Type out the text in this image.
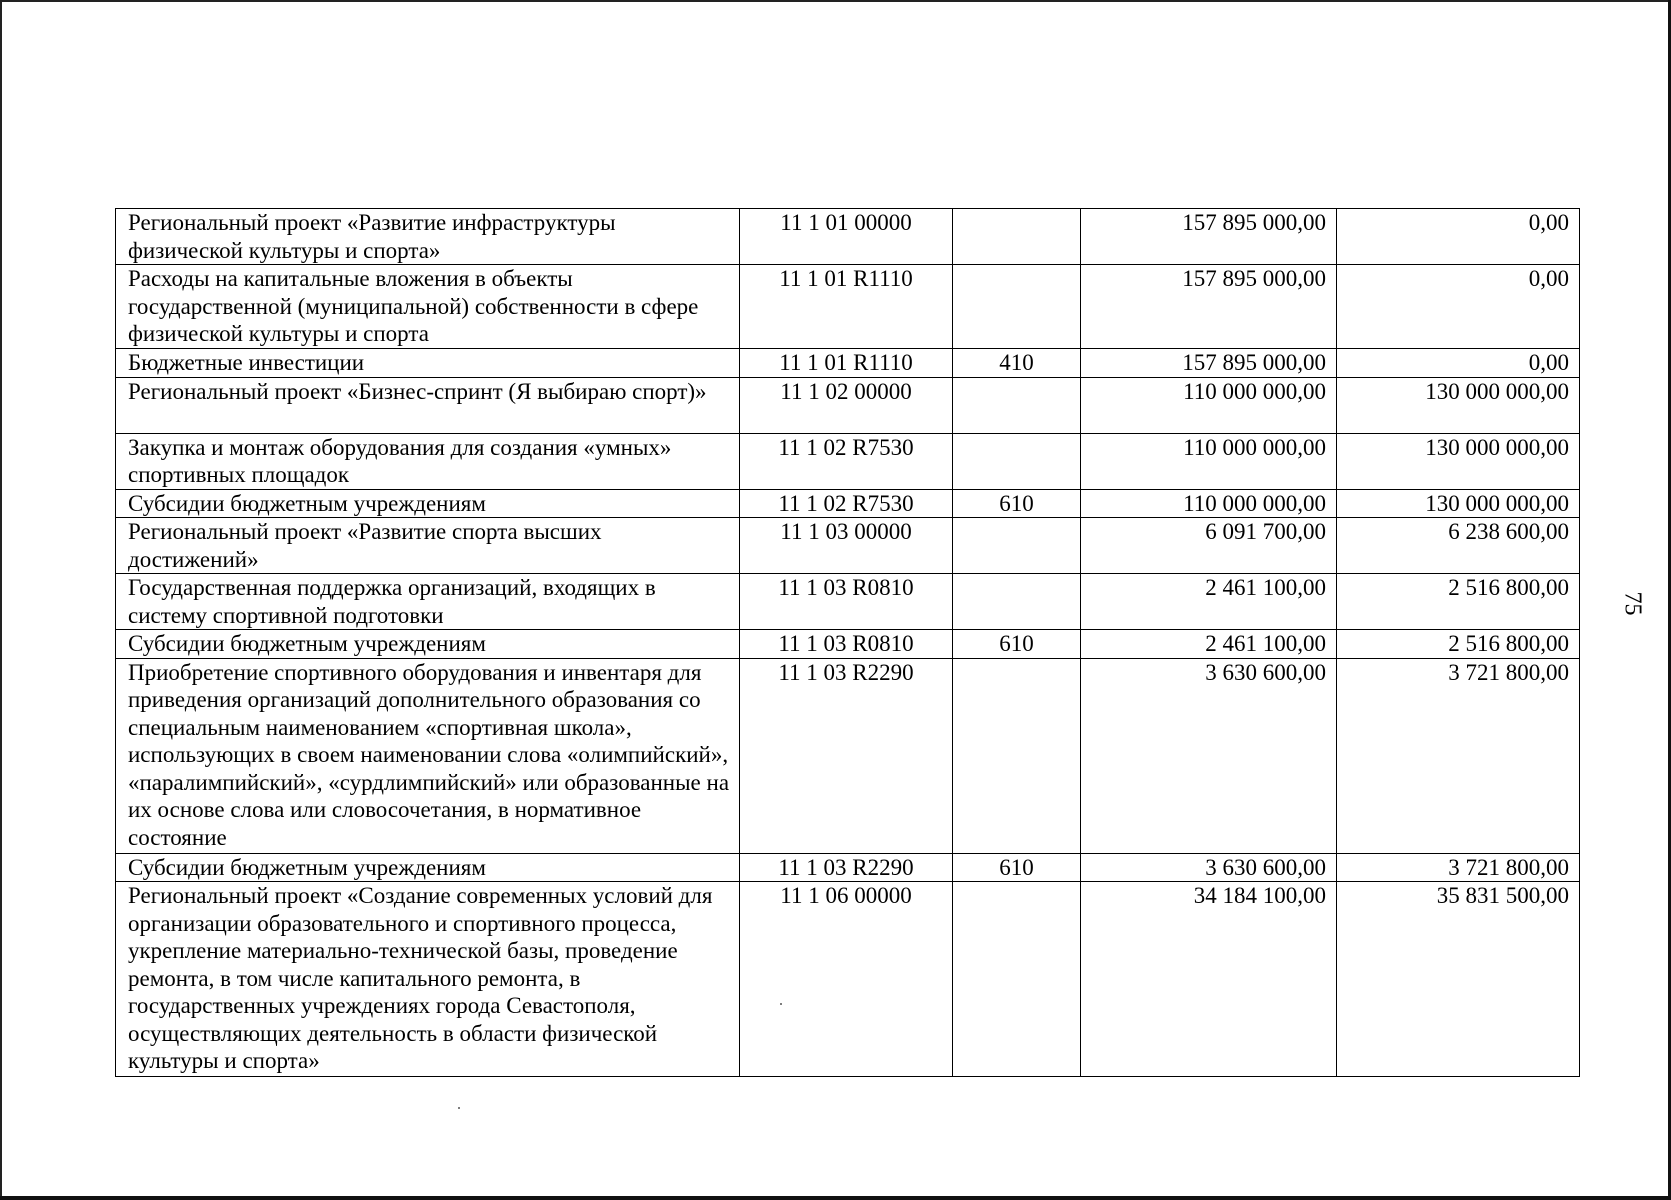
Региональный проект «Развитие инфраструктуры физической культуры и спорта»	11 1 01 00000		157 895 000,00	0,00
Расходы на капитальные вложения в объекты государственной (муниципальной) собственности в сфере физической культуры и спорта	11 1 01 R1110		157 895 000,00	0,00
Бюджетные инвестиции	11 1 01 R1110	410	157 895 000,00	0,00
Региональный проект «Бизнес-спринт (Я выбираю спорт)»	11 1 02 00000		110 000 000,00	130 000 000,00
Закупка и монтаж оборудования для создания «умных» спортивных площадок	11 1 02 R7530		110 000 000,00	130 000 000,00
Субсидии бюджетным учреждениям	11 1 02 R7530	610	110 000 000,00	130 000 000,00
Региональный проект «Развитие спорта высших достижений»	11 1 03 00000		6 091 700,00	6 238 600,00
Государственная поддержка организаций, входящих в систему спортивной подготовки	11 1 03 R0810		2 461 100,00	2 516 800,00
Субсидии бюджетным учреждениям	11 1 03 R0810	610	2 461 100,00	2 516 800,00
Приобретение спортивного оборудования и инвентаря для приведения организаций дополнительного образования со специальным наименованием «спортивная школа», использующих в своем наименовании слова «олимпийский», «паралимпийский», «сурдлимпийский» или образованные на их основе слова или словосочетания, в нормативное состояние	11 1 03 R2290		3 630 600,00	3 721 800,00
Субсидии бюджетным учреждениям	11 1 03 R2290	610	3 630 600,00	3 721 800,00
Региональный проект «Создание современных условий для организации образовательного и спортивного процесса, укрепление материально-технической базы, проведение ремонта, в том числе капитального ремонта, в государственных учреждениях города Севастополя, осуществляющих деятельность в области физической культуры и спорта»	11 1 06 00000		34 184 100,00	35 831 500,00
75
